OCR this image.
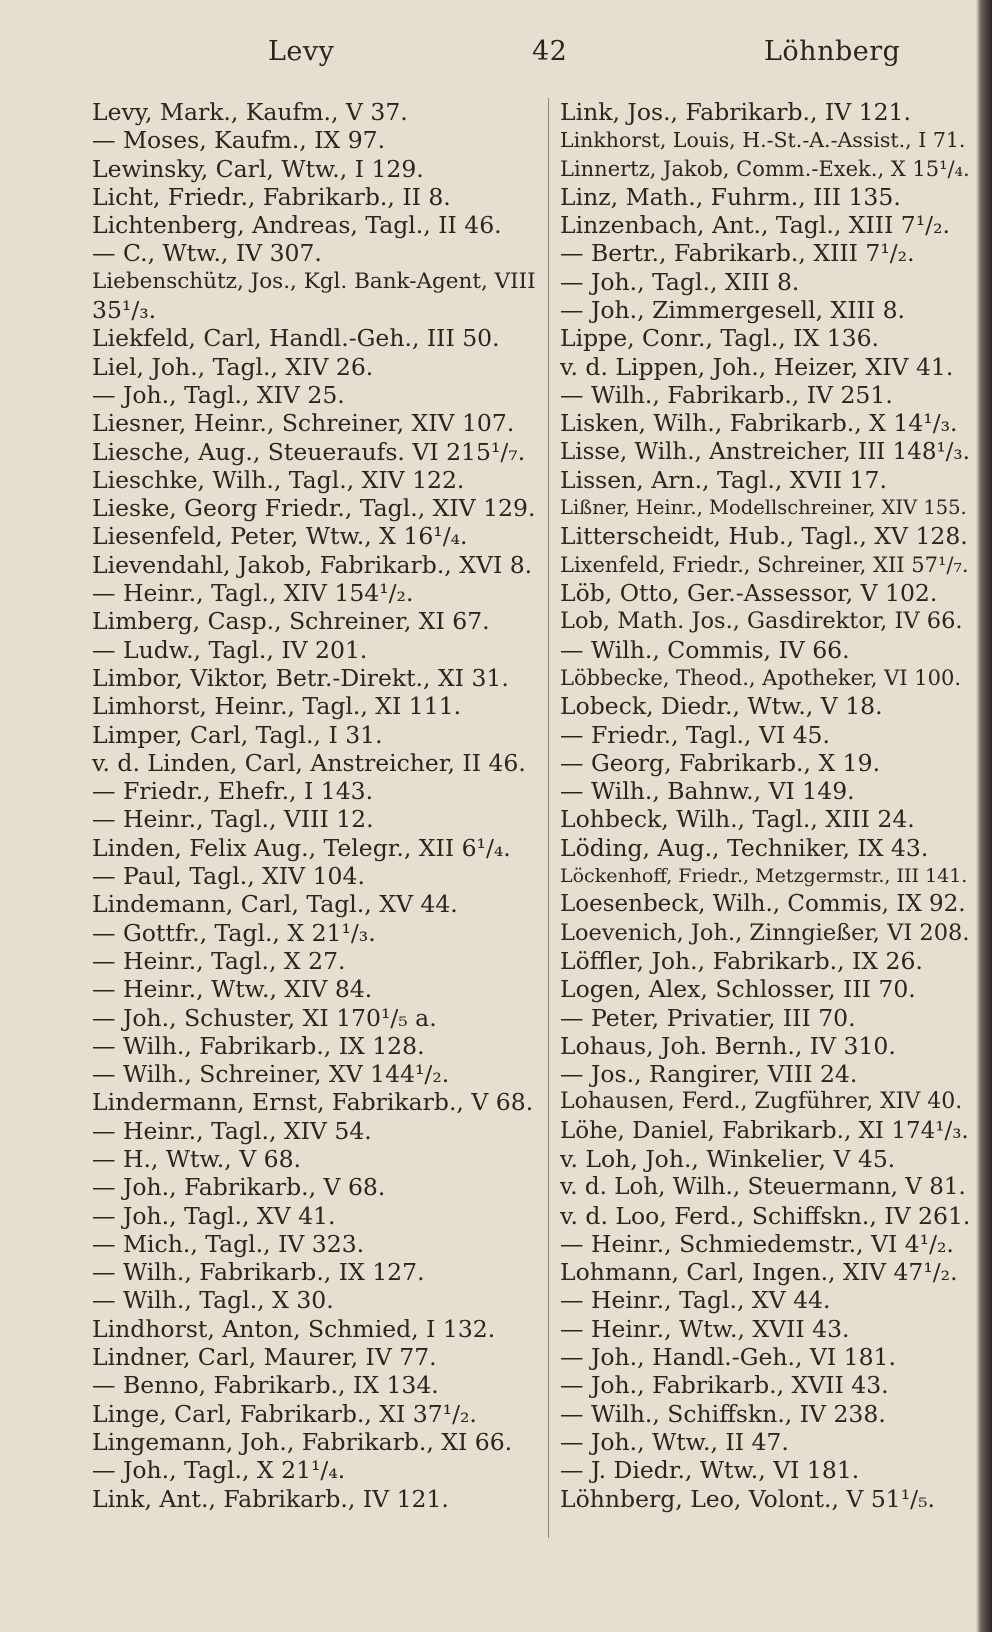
Levy	42	Löhnberg
Levy, Mark., Kaufm., V 37.
— Moses, Kaufm., IX 97.
Lewinsky, Carl, Wtw., I 129.
Licht, Friedr., Fabrikarb., II 8.
Lichtenberg, Andreas, Tagl., II 46.
— C., Wtw., IV 307.
Liebenschütz, Jos., Kgl. Bank-Agent, VIII
35¹/₃.
Liekfeld, Carl, Handl.-Geh., III 50.
Liel, Joh., Tagl., XIV 26.
— Joh., Tagl., XIV 25.
Liesner, Heinr., Schreiner, XIV 107.
Liesche, Aug., Steueraufs. VI 215¹/₇.
Lieschke, Wilh., Tagl., XIV 122.
Lieske, Georg Friedr., Tagl., XIV 129.
Liesenfeld, Peter, Wtw., X 16¹/₄.
Lievendahl, Jakob, Fabrikarb., XVI 8.
— Heinr., Tagl., XIV 154¹/₂.
Limberg, Casp., Schreiner, XI 67.
— Ludw., Tagl., IV 201.
Limbor, Viktor, Betr.-Direkt., XI 31.
Limhorst, Heinr., Tagl., XI 111.
Limper, Carl, Tagl., I 31.
v. d. Linden, Carl, Anstreicher, II 46.
— Friedr., Ehefr., I 143.
— Heinr., Tagl., VIII 12.
Linden, Felix Aug., Telegr., XII 6¹/₄.
— Paul, Tagl., XIV 104.
Lindemann, Carl, Tagl., XV 44.
— Gottfr., Tagl., X 21¹/₃.
— Heinr., Tagl., X 27.
— Heinr., Wtw., XIV 84.
— Joh., Schuster, XI 170¹/₅ a.
— Wilh., Fabrikarb., IX 128.
— Wilh., Schreiner, XV 144¹/₂.
Lindermann, Ernst, Fabrikarb., V 68.
— Heinr., Tagl., XIV 54.
— H., Wtw., V 68.
— Joh., Fabrikarb., V 68.
— Joh., Tagl., XV 41.
— Mich., Tagl., IV 323.
— Wilh., Fabrikarb., IX 127.
— Wilh., Tagl., X 30.
Lindhorst, Anton, Schmied, I 132.
Lindner, Carl, Maurer, IV 77.
— Benno, Fabrikarb., IX 134.
Linge, Carl, Fabrikarb., XI 37¹/₂.
Lingemann, Joh., Fabrikarb., XI 66.
— Joh., Tagl., X 21¹/₄.
Link, Ant., Fabrikarb., IV 121.
Link, Jos., Fabrikarb., IV 121.
Linkhorst, Louis, H.-St.-A.-Assist., I 71.
Linnertz, Jakob, Comm.-Exek., X 15¹/₄.
Linz, Math., Fuhrm., III 135.
Linzenbach, Ant., Tagl., XIII 7¹/₂.
— Bertr., Fabrikarb., XIII 7¹/₂.
— Joh., Tagl., XIII 8.
— Joh., Zimmergesell, XIII 8.
Lippe, Conr., Tagl., IX 136.
v. d. Lippen, Joh., Heizer, XIV 41.
— Wilh., Fabrikarb., IV 251.
Lisken, Wilh., Fabrikarb., X 14¹/₃.
Lisse, Wilh., Anstreicher, III 148¹/₃.
Lissen, Arn., Tagl., XVII 17.
Lißner, Heinr., Modellschreiner, XIV 155.
Litterscheidt, Hub., Tagl., XV 128.
Lixenfeld, Friedr., Schreiner, XII 57¹/₇.
Löb, Otto, Ger.-Assessor, V 102.
Lob, Math. Jos., Gasdirektor, IV 66.
— Wilh., Commis, IV 66.
Löbbecke, Theod., Apotheker, VI 100.
Lobeck, Diedr., Wtw., V 18.
— Friedr., Tagl., VI 45.
— Georg, Fabrikarb., X 19.
— Wilh., Bahnw., VI 149.
Lohbeck, Wilh., Tagl., XIII 24.
Löding, Aug., Techniker, IX 43.
Löckenhoff, Friedr., Metzgermstr., III 141.
Loesenbeck, Wilh., Commis, IX 92.
Loevenich, Joh., Zinngießer, VI 208.
Löffler, Joh., Fabrikarb., IX 26.
Logen, Alex, Schlosser, III 70.
— Peter, Privatier, III 70.
Lohaus, Joh. Bernh., IV 310.
— Jos., Rangirer, VIII 24.
Lohausen, Ferd., Zugführer, XIV 40.
Löhe, Daniel, Fabrikarb., XI 174¹/₃.
v. Loh, Joh., Winkelier, V 45.
v. d. Loh, Wilh., Steuermann, V 81.
v. d. Loo, Ferd., Schiffskn., IV 261.
— Heinr., Schmiedemstr., VI 4¹/₂.
Lohmann, Carl, Ingen., XIV 47¹/₂.
— Heinr., Tagl., XV 44.
— Heinr., Wtw., XVII 43.
— Joh., Handl.-Geh., VI 181.
— Joh., Fabrikarb., XVII 43.
— Wilh., Schiffskn., IV 238.
— Joh., Wtw., II 47.
— J. Diedr., Wtw., VI 181.
Löhnberg, Leo, Volont., V 51¹/₅.
